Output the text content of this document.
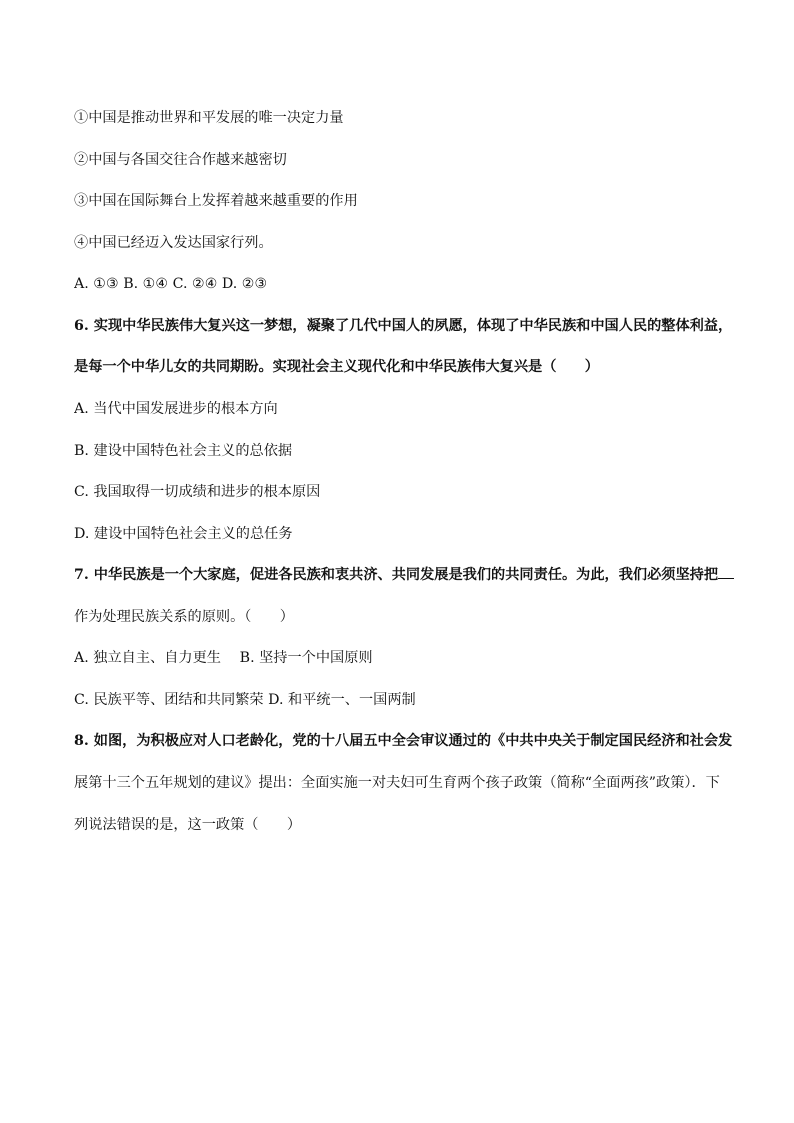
①中国是推动世界和平发展的唯一决定力量
②中国与各国交往合作越来越密切
③中国在国际舞台上发挥着越来越重要的作用
④中国已经迈入发达国家行列。
A. ①③ B. ①④ C. ②④ D. ②③
6. 实现中华民族伟大复兴这一梦想，凝聚了几代中国人的夙愿，体现了中华民族和中国人民的整体利益，
是每一个中华儿女的共同期盼。实现社会主义现代化和中华民族伟大复兴是（　　）
A. 当代中国发展进步的根本方向
B. 建设中国特色社会主义的总依据
C. 我国取得一切成绩和进步的根本原因
D. 建设中国特色社会主义的总任务
7. 中华民族是一个大家庭，促进各民族和衷共济、共同发展是我们的共同责任。为此，我们必须坚持把
作为处理民族关系的原则。（　　）
A. 独立自主、自力更生　 B. 坚持一个中国原则
C. 民族平等、团结和共同繁荣 D. 和平统一、一国两制
8. 如图，为积极应对人口老龄化，党的十八届五中全会审议通过的《中共中央关于制定国民经济和社会发
展第十三个五年规划的建议》提出：全面实施一对夫妇可生育两个孩子政策（简称“全面两孩”政策）．下
列说法错误的是，这一政策（　　）
